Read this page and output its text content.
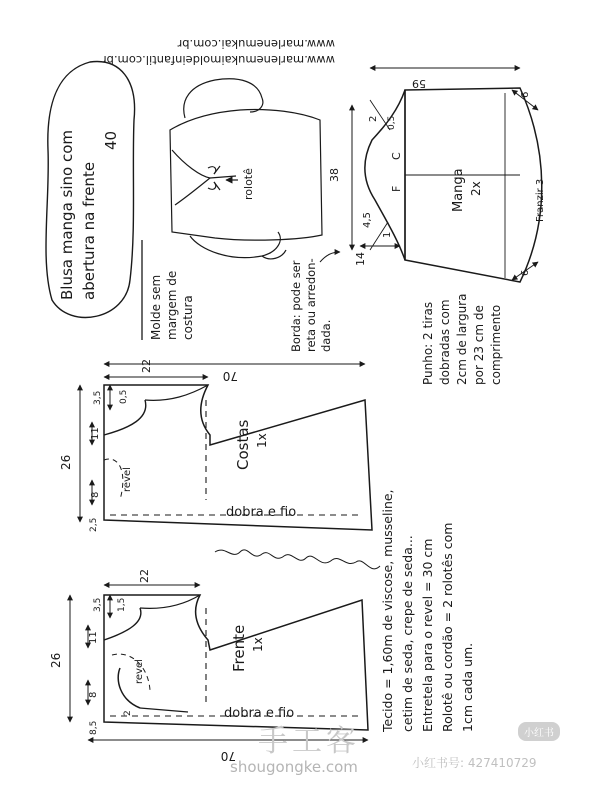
www.marlenemukai.com.br
www.marlenemukaimoldeinfantil.com.br
Blusa manga sino com abertura na frente
40
Molde sem margem de costura
rolotê
Borda: pode ser reta ou arredon- dada.
59
38
2 0,5
4,5
1
14
C
F	Manga 2x	Franzir 3
6
6
Punho: 2 tiras dobradas com 2cm de largura por 23 cm de comprimento
70
26
22
3,5 0,5
11
8
2,5
revel
Costas 1x
dobra e fio
70
26
22
3,5 1,5
11
8
8,5
2
revel	Frente 1x
dobra e fio	Tecido = 1,60m de viscose, musseline, cetim de seda, crepe de seda... Entretela para o revel = 30 cm Rolotê ou cordão = 2 rolotês com 1cm cada um.
手工客
shougongke.com
小红书
小红书号: 427410729
